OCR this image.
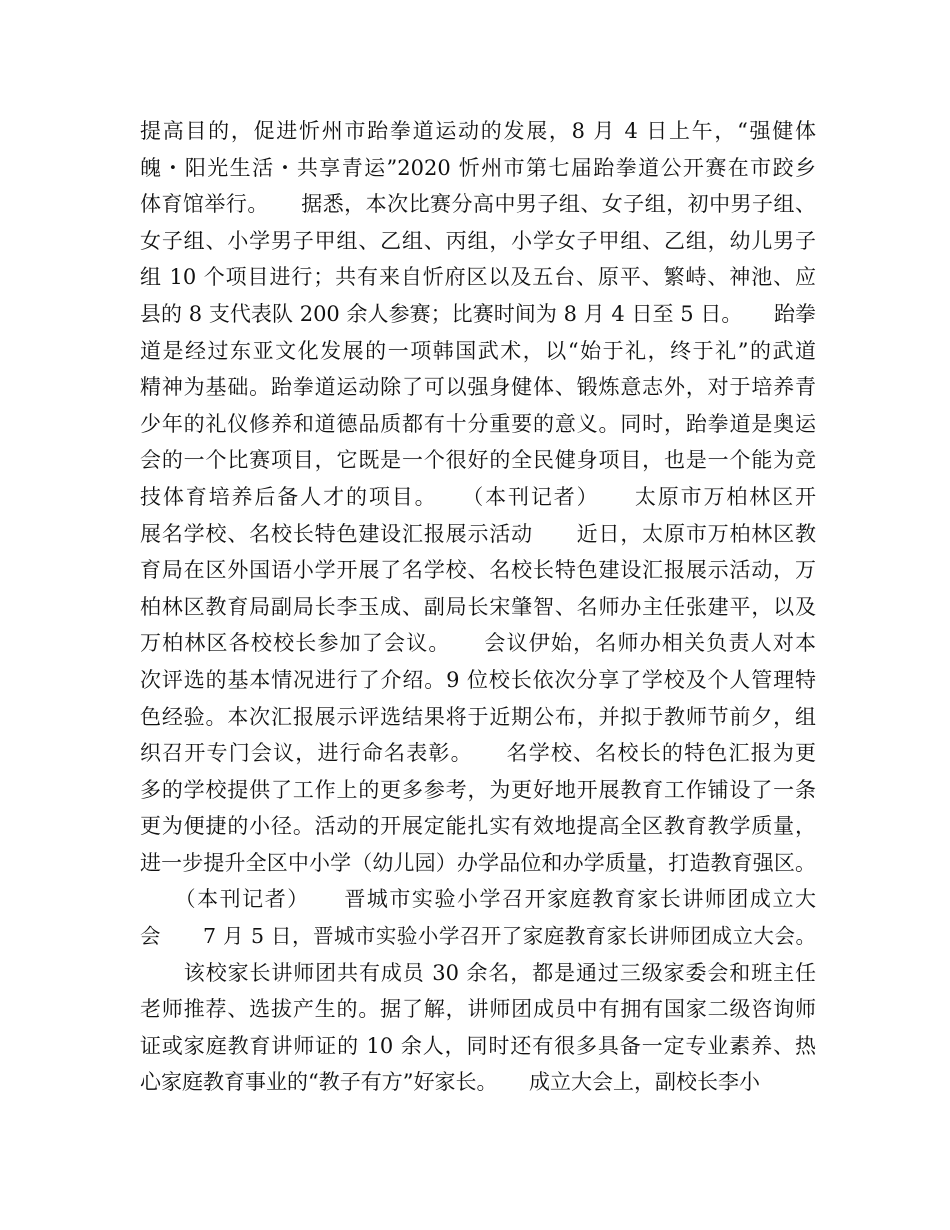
提高目的，促进忻州市跆拳道运动的发展，8 月 4 日上午，“强健体
魄・阳光生活・共享青运”2020 忻州市第七届跆拳道公开赛在市跤乡
体育馆举行。　　据悉，本次比赛分高中男子组、女子组，初中男子组、
女子组、小学男子甲组、乙组、丙组，小学女子甲组、乙组，幼儿男子
组 10 个项目进行；共有来自忻府区以及五台、原平、繁峙、神池、应
县的 8 支代表队 200 余人参赛；比赛时间为 8 月 4 日至 5 日。　　跆拳
道是经过东亚文化发展的一项韩国武术，以“始于礼，终于礼”的武道
精神为基础。跆拳道运动除了可以强身健体、锻炼意志外，对于培养青
少年的礼仪修养和道德品质都有十分重要的意义。同时，跆拳道是奥运
会的一个比赛项目，它既是一个很好的全民健身项目，也是一个能为竞
技体育培养后备人才的项目。　　（本刊记者）　　太原市万柏林区开
展名学校、名校长特色建设汇报展示活动　　近日，太原市万柏林区教
育局在区外国语小学开展了名学校、名校长特色建设汇报展示活动，万
柏林区教育局副局长李玉成、副局长宋肇智、名师办主任张建平，以及
万柏林区各校校长参加了会议。　　会议伊始，名师办相关负责人对本
次评选的基本情况进行了介绍。9 位校长依次分享了学校及个人管理特
色经验。本次汇报展示评选结果将于近期公布，并拟于教师节前夕，组
织召开专门会议，进行命名表彰。　　名学校、名校长的特色汇报为更
多的学校提供了工作上的更多参考，为更好地开展教育工作铺设了一条
更为便捷的小径。活动的开展定能扎实有效地提高全区教育教学质量，
进一步提升全区中小学（幼儿园）办学品位和办学质量，打造教育强区。
　　（本刊记者）　　晋城市实验小学召开家庭教育家长讲师团成立大
会　　7 月 5 日，晋城市实验小学召开了家庭教育家长讲师团成立大会。
　　该校家长讲师团共有成员 30 余名，都是通过三级家委会和班主任
老师推荐、选拔产生的。据了解，讲师团成员中有拥有国家二级咨询师
证或家庭教育讲师证的 10 余人，同时还有很多具备一定专业素养、热
心家庭教育事业的“教子有方”好家长。　　成立大会上，副校长李小
